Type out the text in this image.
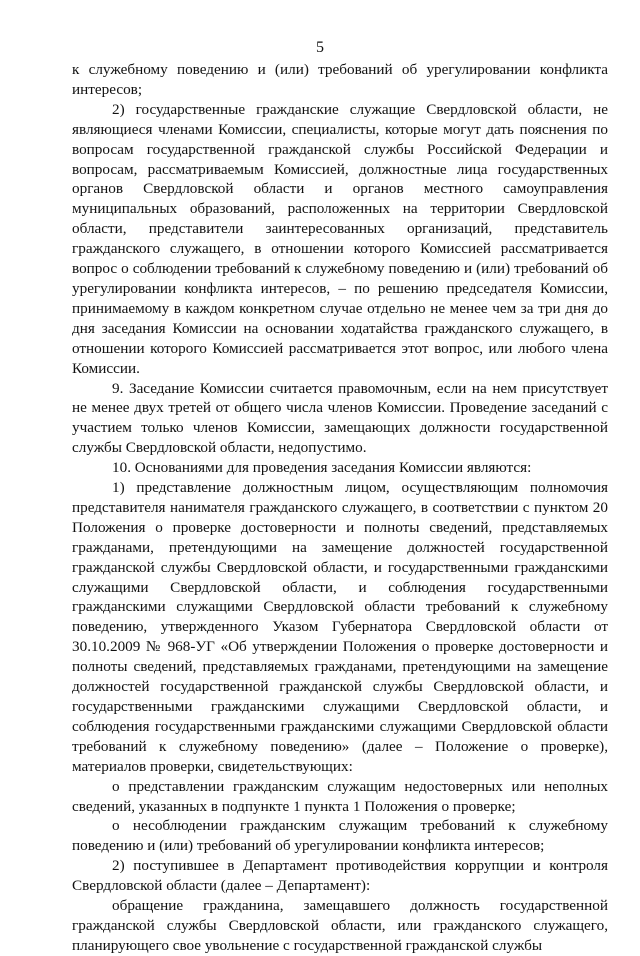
5

к служебному поведению и (или) требований об урегулировании конфликта интересов;

2) государственные гражданские служащие Свердловской области, не являющиеся членами Комиссии, специалисты, которые могут дать пояснения по вопросам государственной гражданской службы Российской Федерации и вопросам, рассматриваемым Комиссией, должностные лица государственных органов Свердловской области и органов местного самоуправления муниципальных образований, расположенных на территории Свердловской области, представители заинтересованных организаций, представитель гражданского служащего, в отношении которого Комиссией рассматривается вопрос о соблюдении требований к служебному поведению и (или) требований об урегулировании конфликта интересов, – по решению председателя Комиссии, принимаемому в каждом конкретном случае отдельно не менее чем за три дня до дня заседания Комиссии на основании ходатайства гражданского служащего, в отношении которого Комиссией рассматривается этот вопрос, или любого члена Комиссии.

9. Заседание Комиссии считается правомочным, если на нем присутствует не менее двух третей от общего числа членов Комиссии. Проведение заседаний с участием только членов Комиссии, замещающих должности государственной службы Свердловской области, недопустимо.

10. Основаниями для проведения заседания Комиссии являются:

1) представление должностным лицом, осуществляющим полномочия представителя нанимателя гражданского служащего, в соответствии с пунктом 20 Положения о проверке достоверности и полноты сведений, представляемых гражданами, претендующими на замещение должностей государственной гражданской службы Свердловской области, и государственными гражданскими служащими Свердловской области, и соблюдения государственными гражданскими служащими Свердловской области требований к служебному поведению, утвержденного Указом Губернатора Свердловской области от 30.10.2009 № 968-УГ «Об утверждении Положения о проверке достоверности и полноты сведений, представляемых гражданами, претендующими на замещение должностей государственной гражданской службы Свердловской области, и государственными гражданскими служащими Свердловской области, и соблюдения государственными гражданскими служащими Свердловской области требований к служебному поведению» (далее – Положение о проверке), материалов проверки, свидетельствующих:

о представлении гражданским служащим недостоверных или неполных сведений, указанных в подпункте 1 пункта 1 Положения о проверке;

о несоблюдении гражданским служащим требований к служебному поведению и (или) требований об урегулировании конфликта интересов;

2) поступившее в Департамент противодействия коррупции и контроля Свердловской области (далее – Департамент):

обращение гражданина, замещавшего должность государственной гражданской службы Свердловской области, или гражданского служащего, планирующего свое увольнение с государственной гражданской службы
